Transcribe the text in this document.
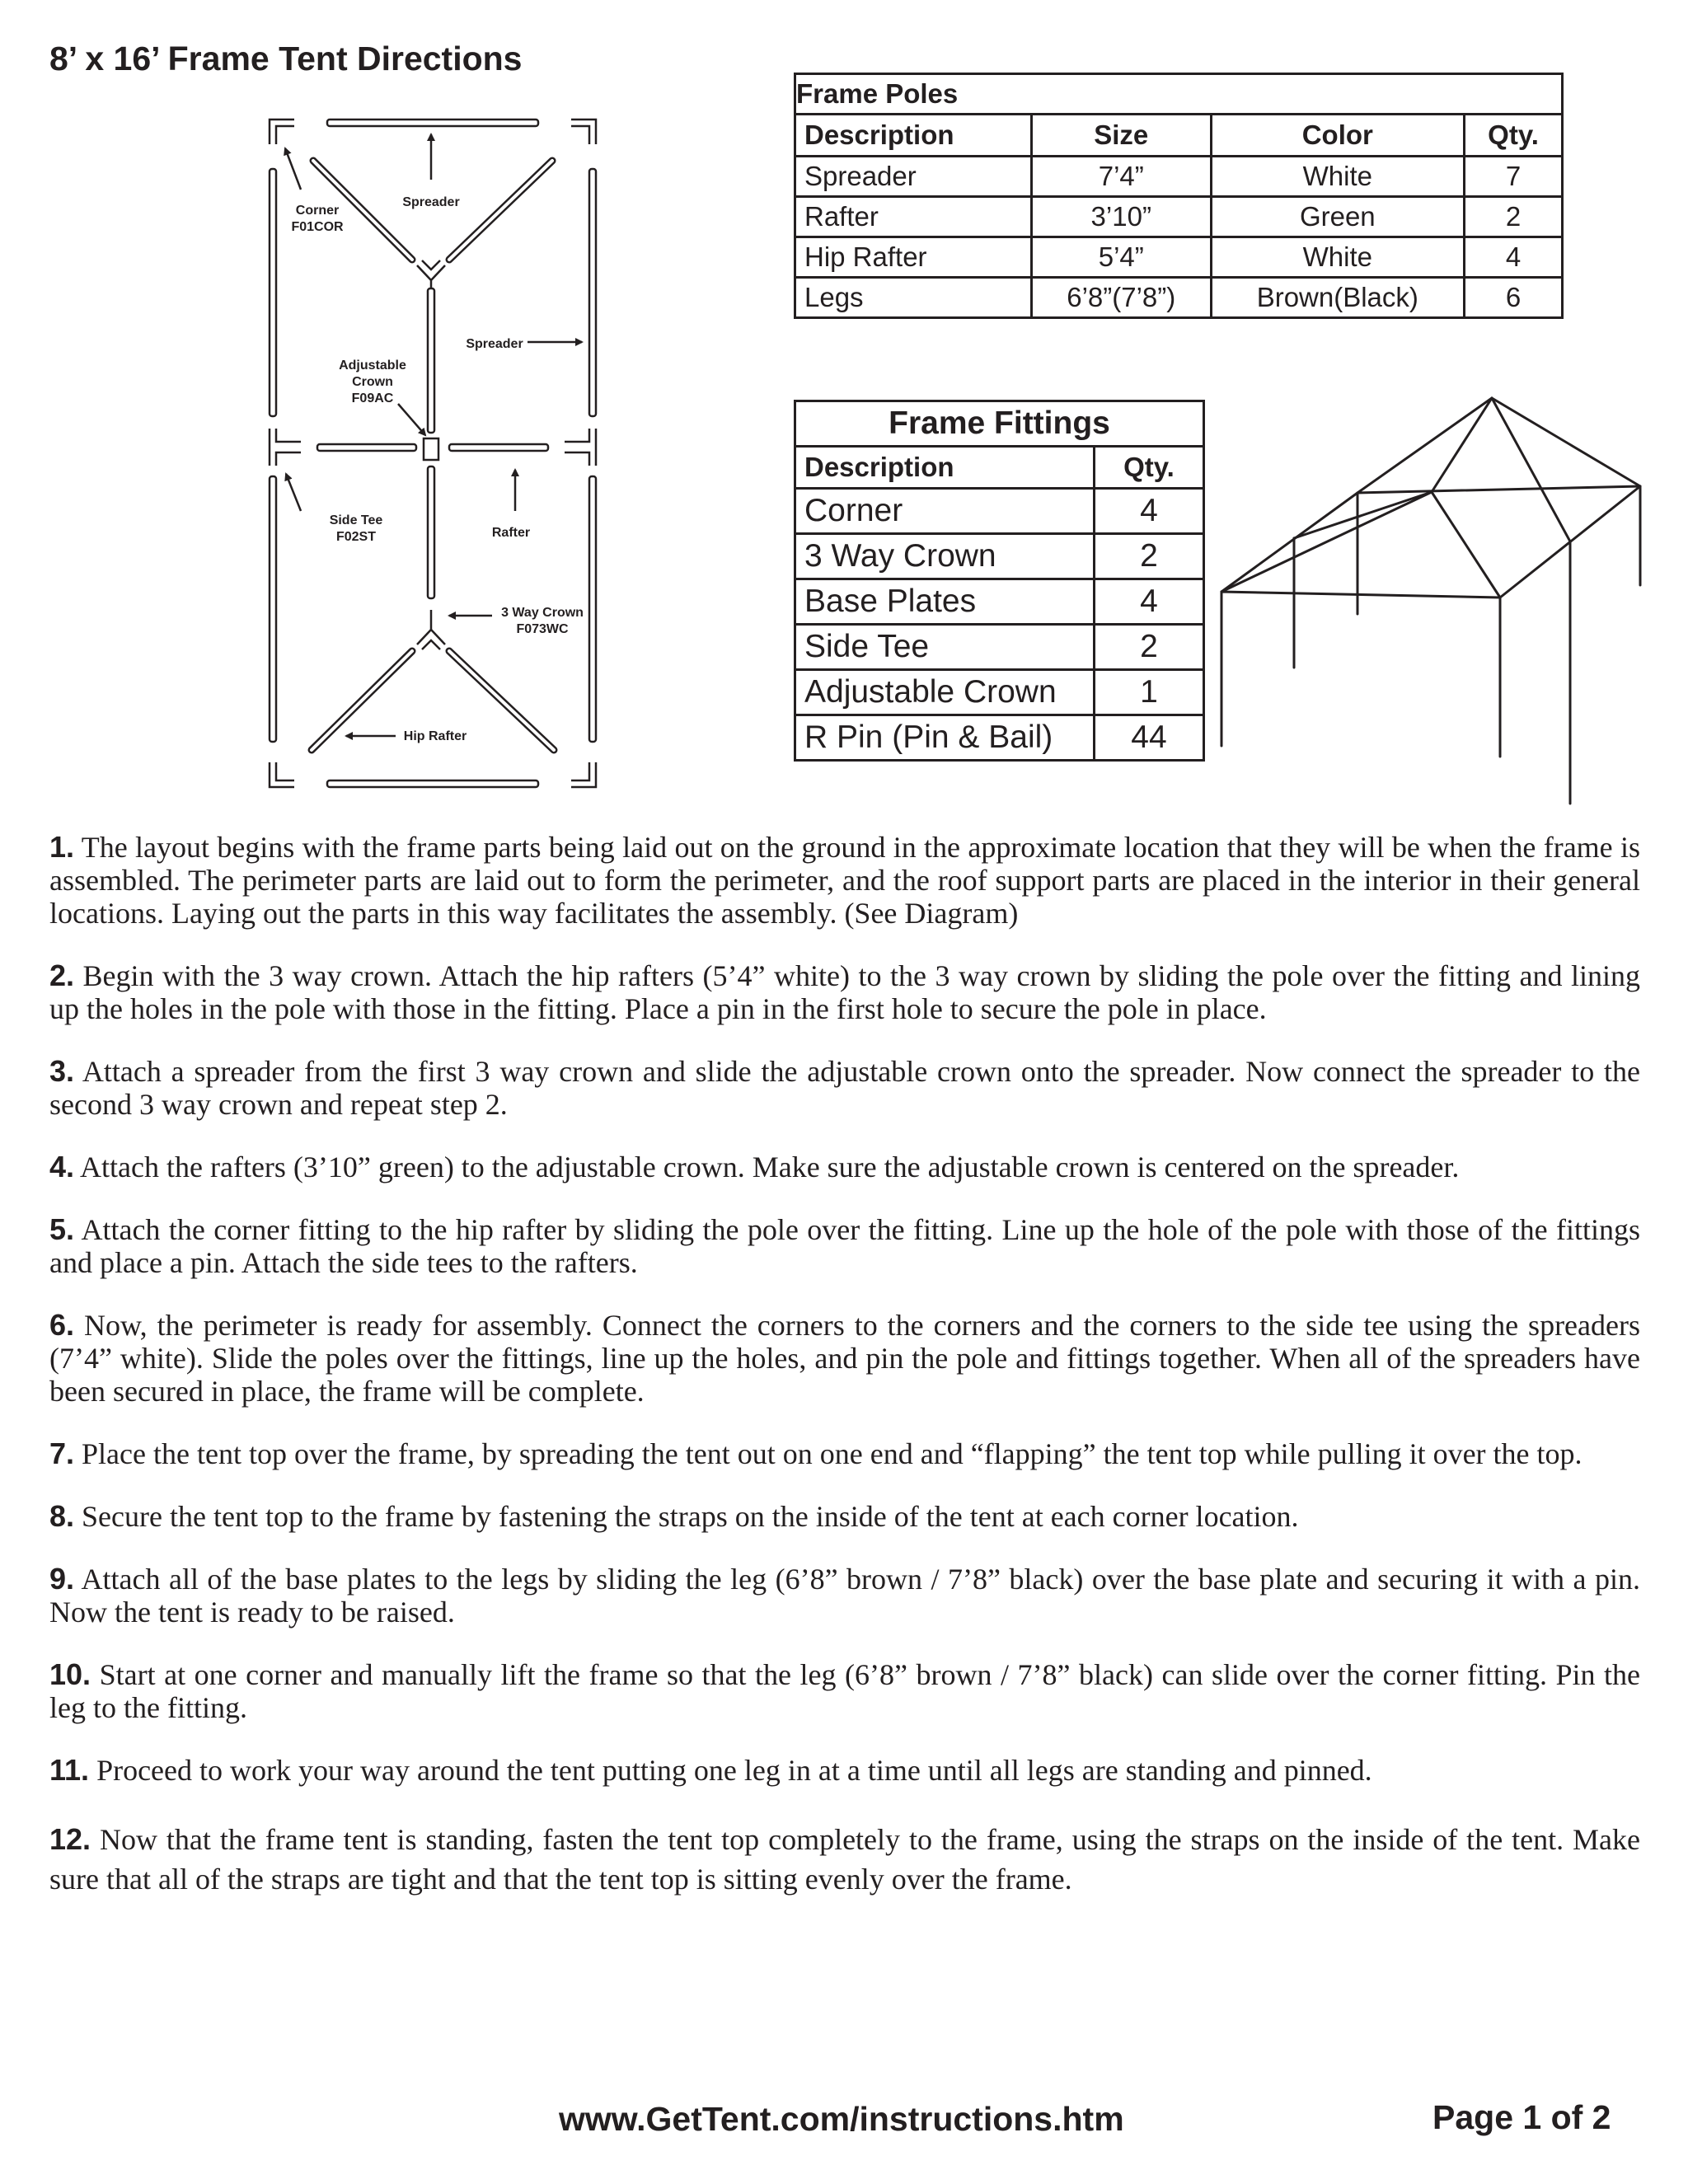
8’ x 16’ Frame Tent Directions
Corner
F01COR
Spreader
Spreader
Adjustable
Crown
F09AC
Side Tee
F02ST	Rafter
3 Way Crown
F073WC
Hip Rafter
Frame Poles			
Description	Size	Color	Qty.
Spreader	7’4”	White	7
Rafter	3’10”	Green	2
Hip Rafter	5’4”	White	4
Legs	6’8”(7’8”)	Brown(Black)	6
Frame Fittings	
Description	Qty.
Corner	4
3 Way Crown	2
Base Plates	4
Side Tee	2
Adjustable Crown	1
R Pin (Pin & Bail)	44

1. The layout begins with the frame parts being laid out on the ground in the approximate location that they will be when the frame is assembled. The perimeter parts are laid out to form the perimeter, and the roof support parts are placed in the interior in their general locations. Laying out the parts in this way facilitates the assembly. (See Diagram)

2. Begin with the 3 way crown. Attach the hip rafters (5’4” white) to the 3 way crown by sliding the pole over the fitting and lining up the holes in the pole with those in the fitting. Place a pin in the first hole to secure the pole in place.

3. Attach a spreader from the first 3 way crown and slide the adjustable crown onto the spreader. Now connect the spreader to the second 3 way crown and repeat step 2.

4. Attach the rafters (3’10” green) to the adjustable crown. Make sure the adjustable crown is centered on the spreader.

5. Attach the corner fitting to the hip rafter by sliding the pole over the fitting. Line up the hole of the pole with those of the fittings and place a pin. Attach the side tees to the rafters.

6. Now, the perimeter is ready for assembly. Connect the corners to the corners and the corners to the side tee using the spreaders (7’4” white). Slide the poles over the fittings, line up the holes, and pin the pole and fittings together. When all of the spreaders have been secured in place, the frame will be complete.

7. Place the tent top over the frame, by spreading the tent out on one end and “flapping” the tent top while pulling it over the top.

8. Secure the tent top to the frame by fastening the straps on the inside of the tent at each corner location.

9. Attach all of the base plates to the legs by sliding the leg (6’8” brown / 7’8” black) over the base plate and securing it with a pin. Now the tent is ready to be raised.

10. Start at one corner and manually lift the frame so that the leg (6’8” brown / 7’8” black) can slide over the corner fitting. Pin the leg to the fitting.

11. Proceed to work your way around the tent putting one leg in at a time until all legs are standing and pinned.

12. Now that the frame tent is standing, fasten the tent top completely to the frame, using the straps on the inside of the tent. Make sure that all of the straps are tight and that the tent top is sitting evenly over the frame.

www.GetTent.com/instructions.htm	Page 1 of 2
